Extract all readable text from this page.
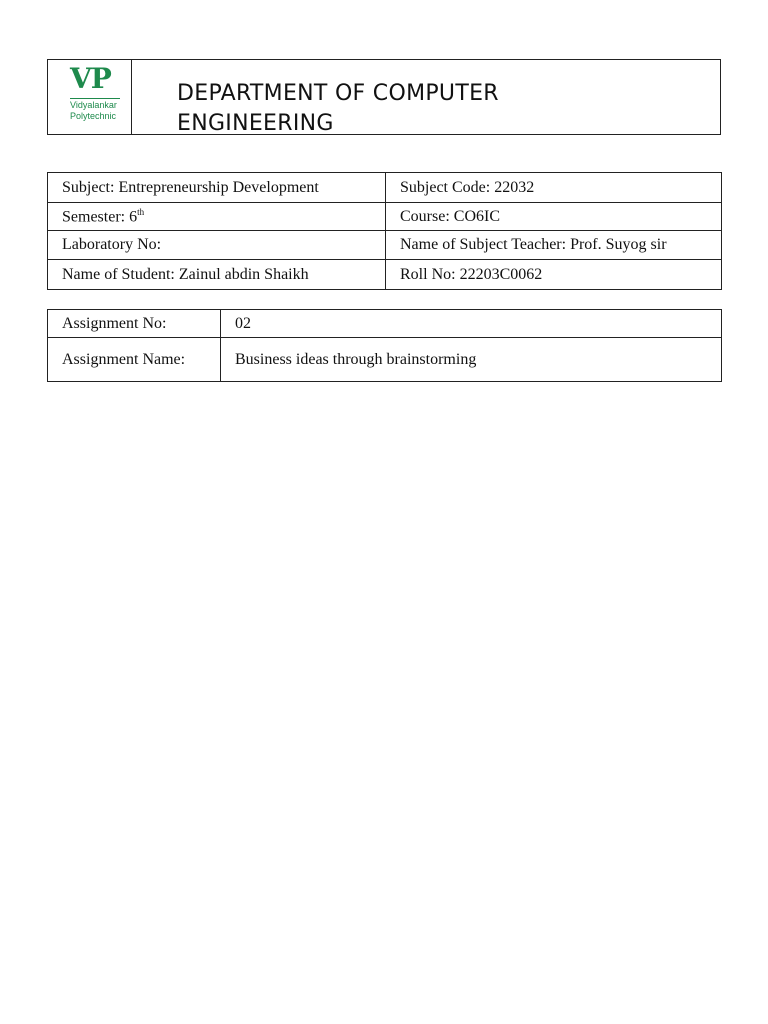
VP
Vidyalankar
Polytechnic
DEPARTMENT OF COMPUTER
ENGINEERING
Subject: Entrepreneurship Development	Subject Code: 22032
Semester: 6th	Course: CO6IC
Laboratory No:	Name of Subject Teacher: Prof. Suyog sir
Name of Student: Zainul abdin Shaikh	Roll No: 22203C0062
Assignment No:	02
Assignment Name:	Business ideas through brainstorming
